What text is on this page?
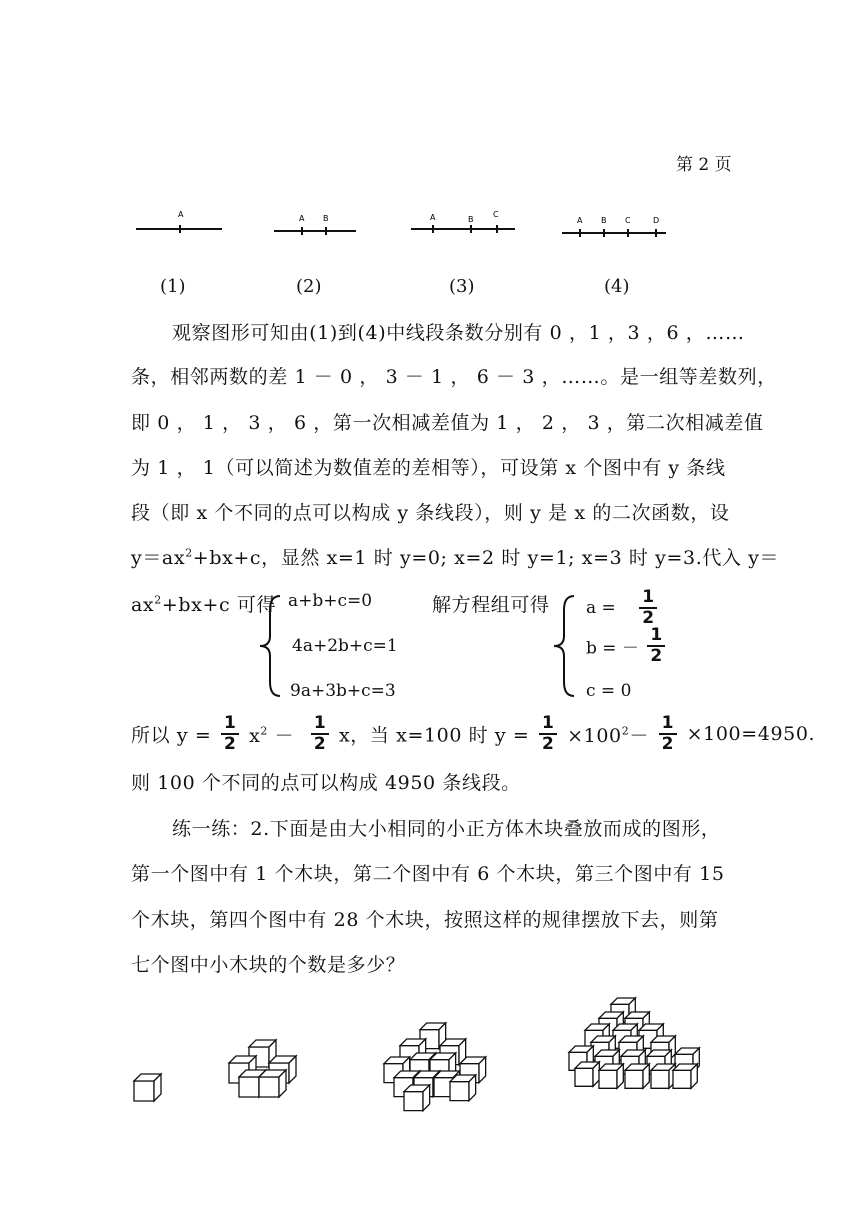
第 2 页
A	A B	A	B
C
A B C	D
(1)	(2)	(3)	(4)
观察图形可知由(1)到(4)中线段条数分别有 0 ，1 ，3 ，6 ，……
条，相邻两数的差 1 － 0 ， 3 － 1 ， 6 － 3 ，……。是一组等差数列，
即 0 ， 1 ， 3 ， 6 ，第一次相减差值为 1 ， 2 ， 3 ，第二次相减差值
为 1 ， 1（可以简述为数值差的差相等），可设第 x 个图中有 y 条线
段（即 x 个不同的点可以构成 y 条线段），则 y 是 x 的二次函数，设
$y=ax^2+bx+c$，显然 x=1 时 y=0; x=2 时 y=1; x=3 时 y=3.代入 y＝
$ax^2+bx+c$ 可得 a+b+c=0
4a+2b+c=1
9a+3b+c=3
解方程组可得 $a = \frac{1}{2}$
b = － $\frac{1}{2}$
c = 0
所以 $y = \frac{1}{2} x^2 - \frac{1}{2}$ x，当 x=100 时 $y = \frac{1}{2} \times 100^2- \frac{1}{2} \times 100=4950$.
则 100 个不同的点可以构成 4950 条线段。
练一练：2.下面是由大小相同的小正方体木块叠放而成的图形，
第一个图中有 1 个木块，第二个图中有 6 个木块，第三个图中有 15
个木块，第四个图中有 28 个木块，按照这样的规律摆放下去，则第
七个图中小木块的个数是多少？
